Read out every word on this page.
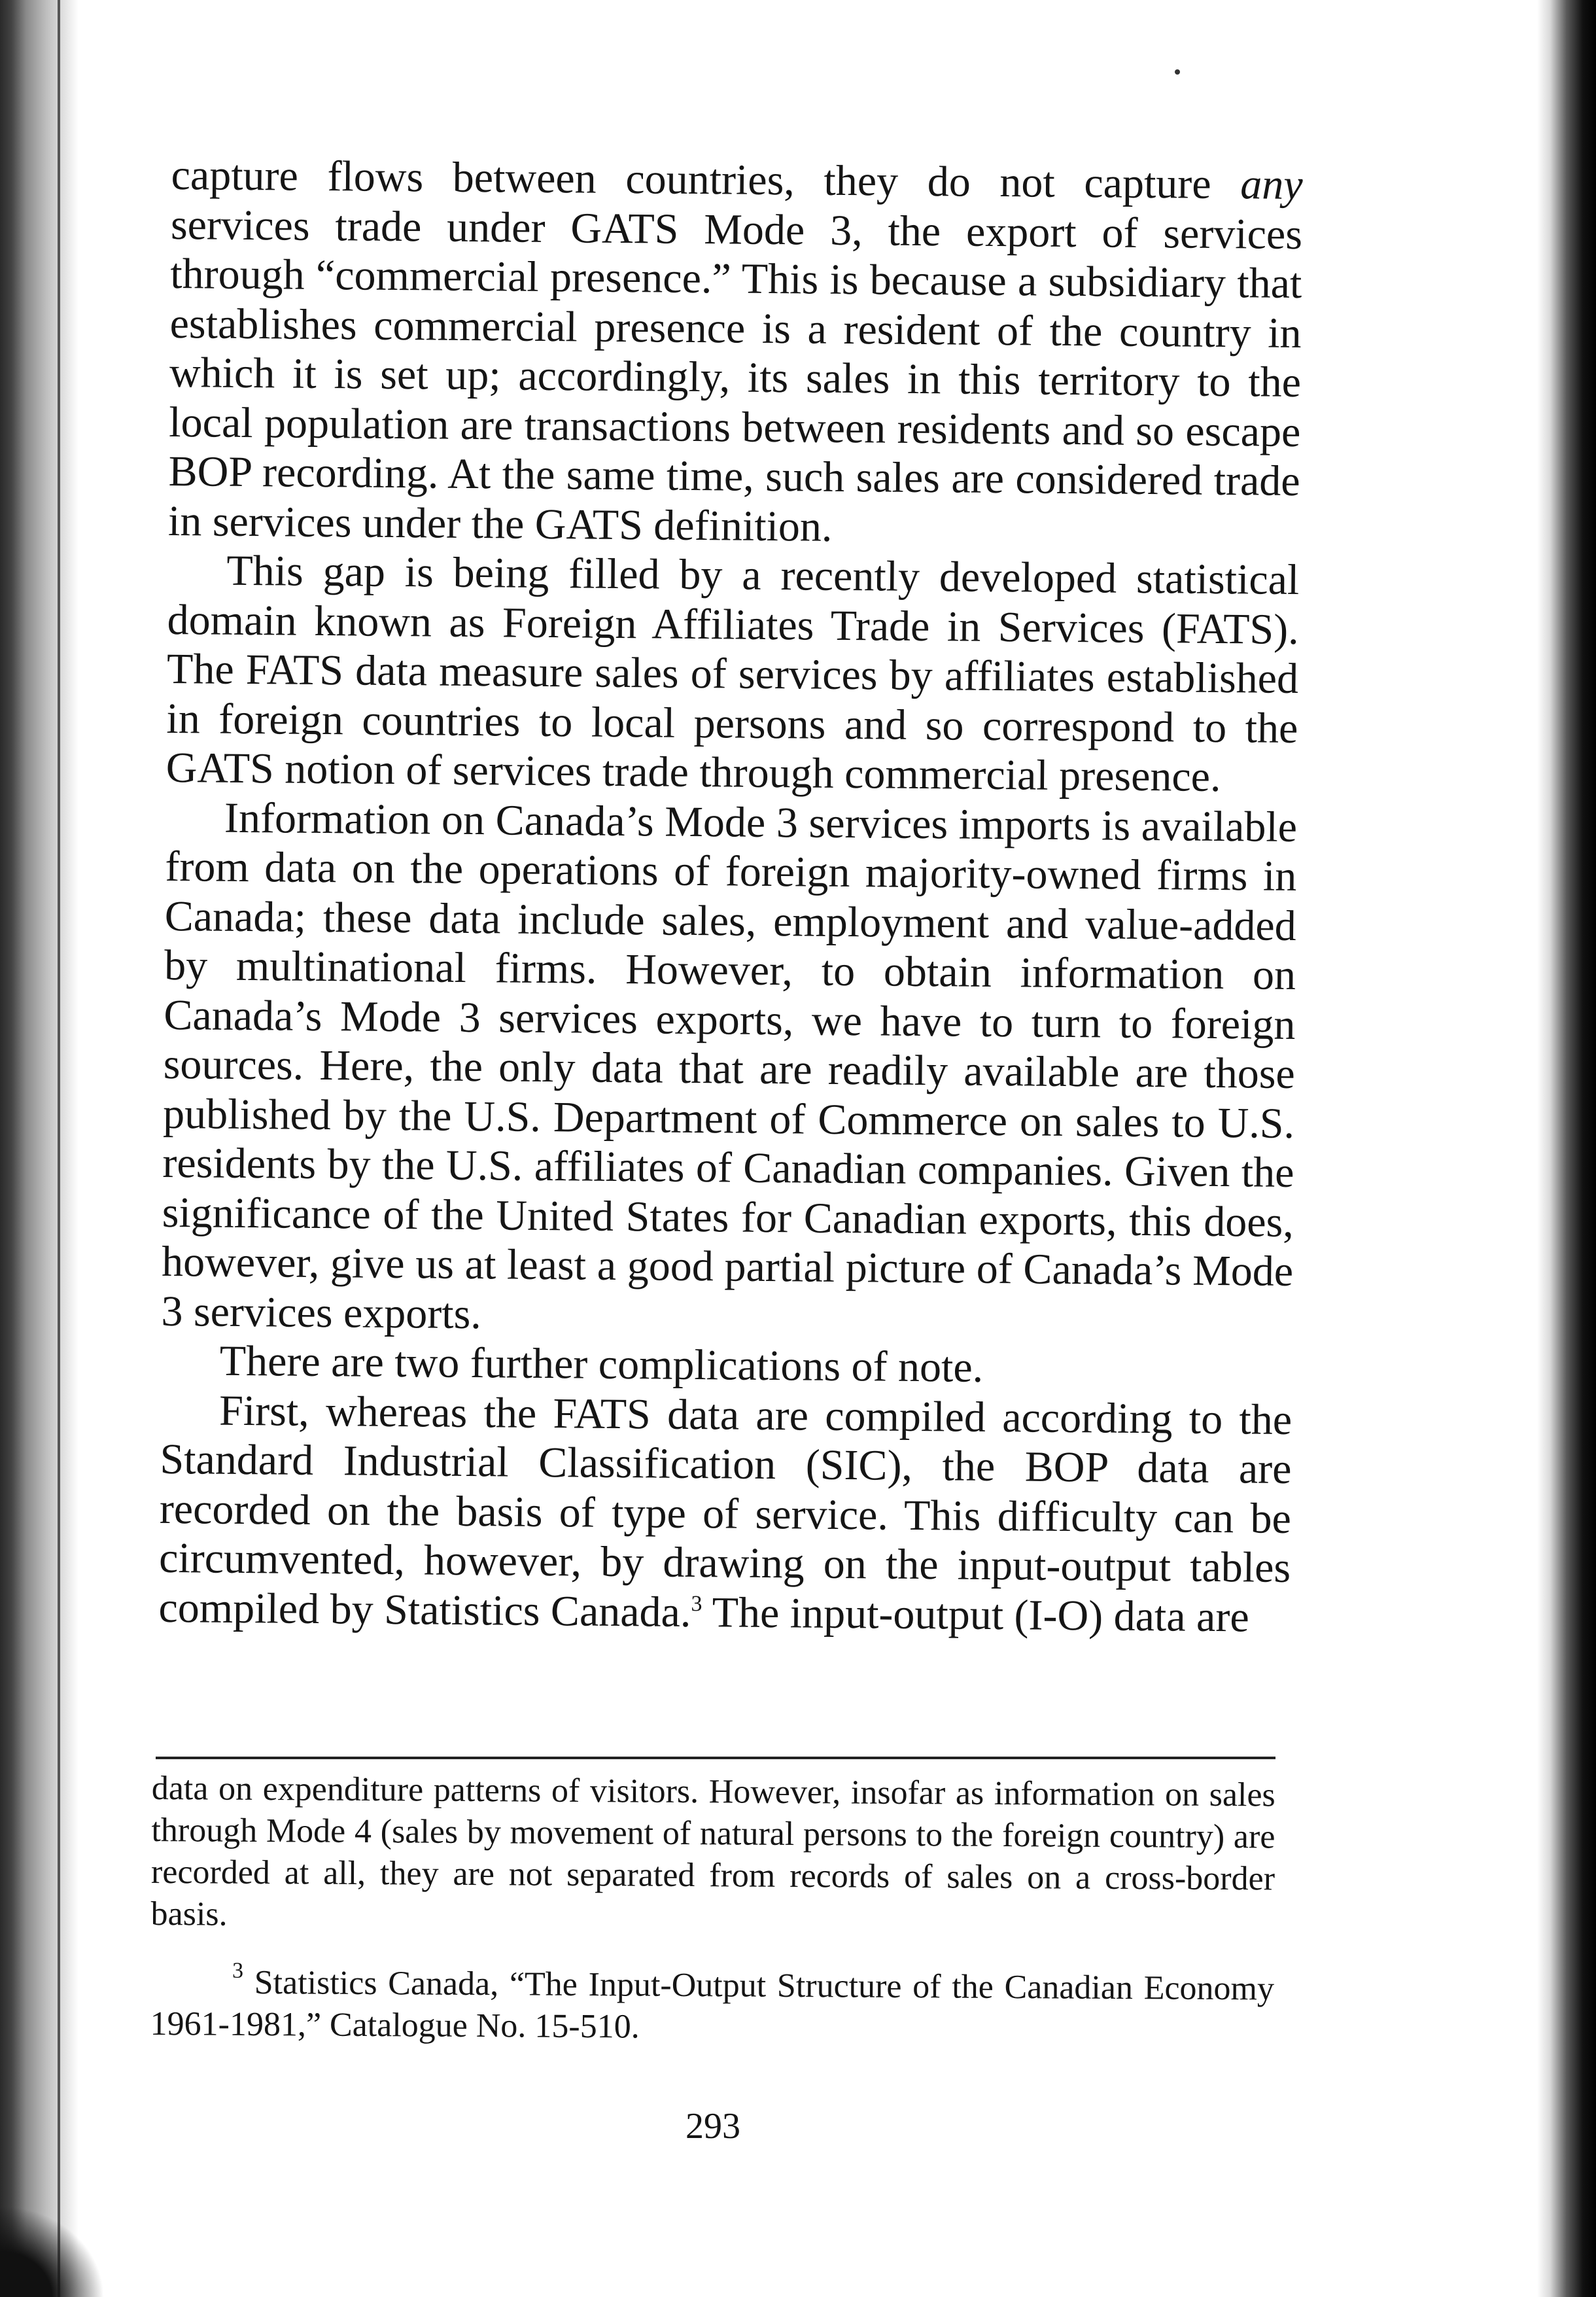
capture flows between countries, they do not capture any services trade under GATS Mode 3, the export of services through “commercial presence.” This is because a subsidiary that establishes commercial presence is a resident of the country in which it is set up; accordingly, its sales in this territory to the local population are transactions between residents and so escape BOP recording. At the same time, such sales are considered trade in services under the GATS definition.

This gap is being filled by a recently developed statistical domain known as Foreign Affiliates Trade in Services (FATS). The FATS data measure sales of services by affiliates established in foreign countries to local persons and so correspond to the GATS notion of services trade through commercial presence.

Information on Canada’s Mode 3 services imports is available from data on the operations of foreign majority-owned firms in Canada; these data include sales, employment and value-added by multinational firms. However, to obtain information on Canada’s Mode 3 services exports, we have to turn to foreign sources. Here, the only data that are readily available are those published by the U.S. Department of Commerce on sales to U.S. residents by the U.S. affiliates of Canadian companies. Given the significance of the United States for Canadian exports, this does, however, give us at least a good partial picture of Canada’s Mode 3 services exports.

There are two further complications of note.

First, whereas the FATS data are compiled according to the Standard Industrial Classification (SIC), the BOP data are recorded on the basis of type of service. This difficulty can be circumvented, however, by drawing on the input-output tables compiled by Statistics Canada.$^3$ The input-output (I-O) data are

data on expenditure patterns of visitors. However, insofar as information on sales through Mode 4 (sales by movement of natural persons to the foreign country) are recorded at all, they are not separated from records of sales on a cross-border basis.

$^3$ Statistics Canada, “The Input-Output Structure of the Canadian Economy 1961-1981,” Catalogue No. 15-510.

293
